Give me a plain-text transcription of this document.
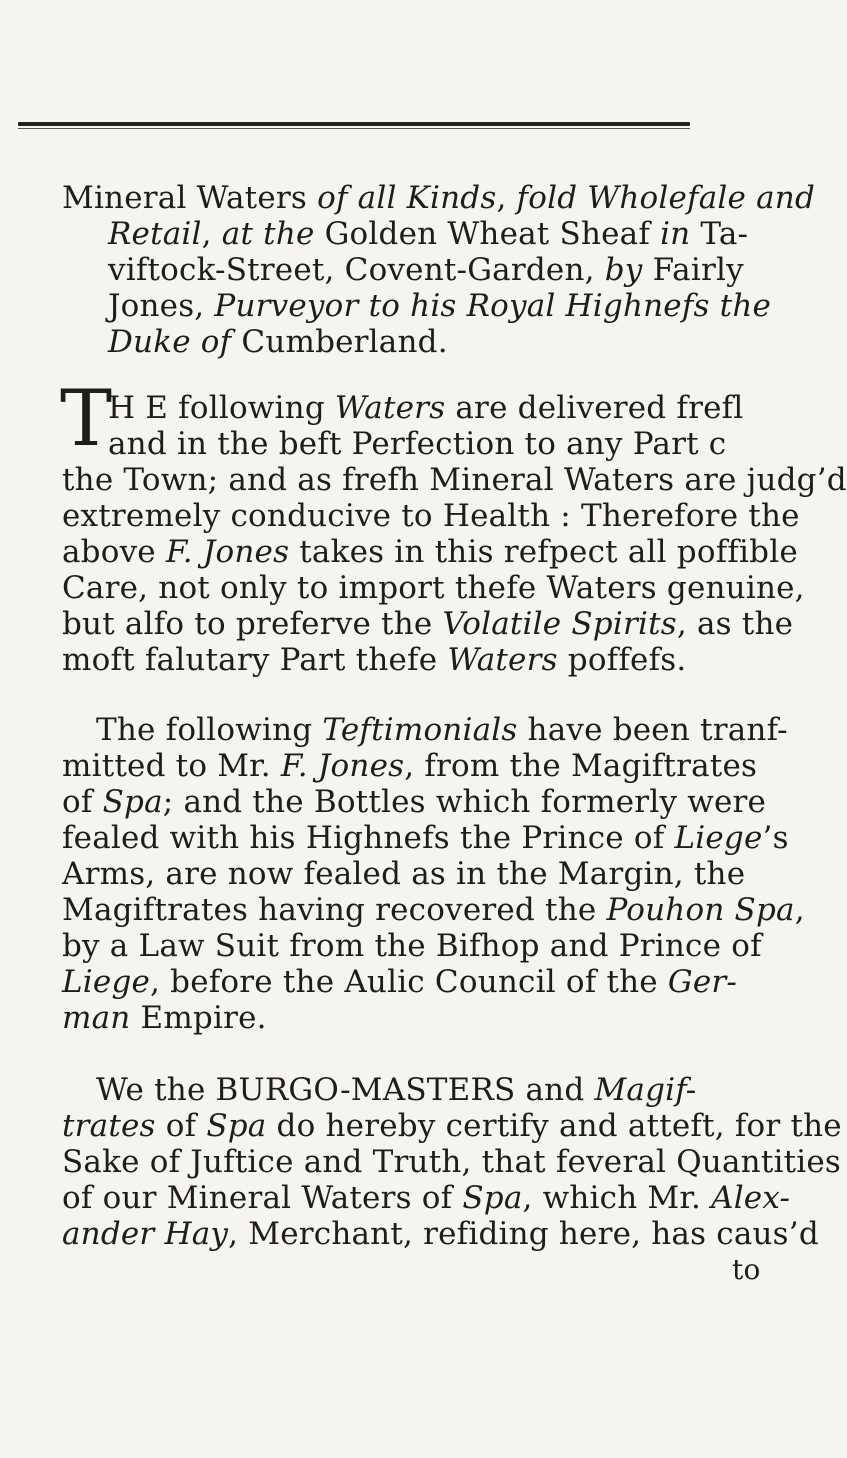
Mineral Waters of all Kinds, fold Wholefale and
Retail, at the Golden Wheat Sheaf in Ta-
viftock-Street, Covent-Garden, by Fairly
Jones, Purveyor to his Royal Highnefs the
Duke of Cumberland.
T
H E following Waters are delivered frefl
and in the beft Perfection to any Part c
the Town; and as frefh Mineral Waters are judg’d
extremely conducive to Health : Therefore the
above F. Jones takes in this refpect all poffible
Care, not only to import thefe Waters genuine,
but alfo to preferve the Volatile Spirits, as the
moft falutary Part thefe Waters poffefs.
The following Teftimonials have been tranf-
mitted to Mr. F. Jones, from the Magiftrates
of Spa; and the Bottles which formerly were
fealed with his Highnefs the Prince of Liege’s
Arms, are now fealed as in the Margin, the
Magiftrates having recovered the Pouhon Spa,
by a Law Suit from the Bifhop and Prince of
Liege, before the Aulic Council of the Ger-
man Empire.
We the BURGO-MASTERS and Magif-
trates of Spa do hereby certify and atteft, for the
Sake of Juftice and Truth, that feveral Quantities
of our Mineral Waters of Spa, which Mr. Alex-
ander Hay, Merchant, refiding here, has caus’d
to
